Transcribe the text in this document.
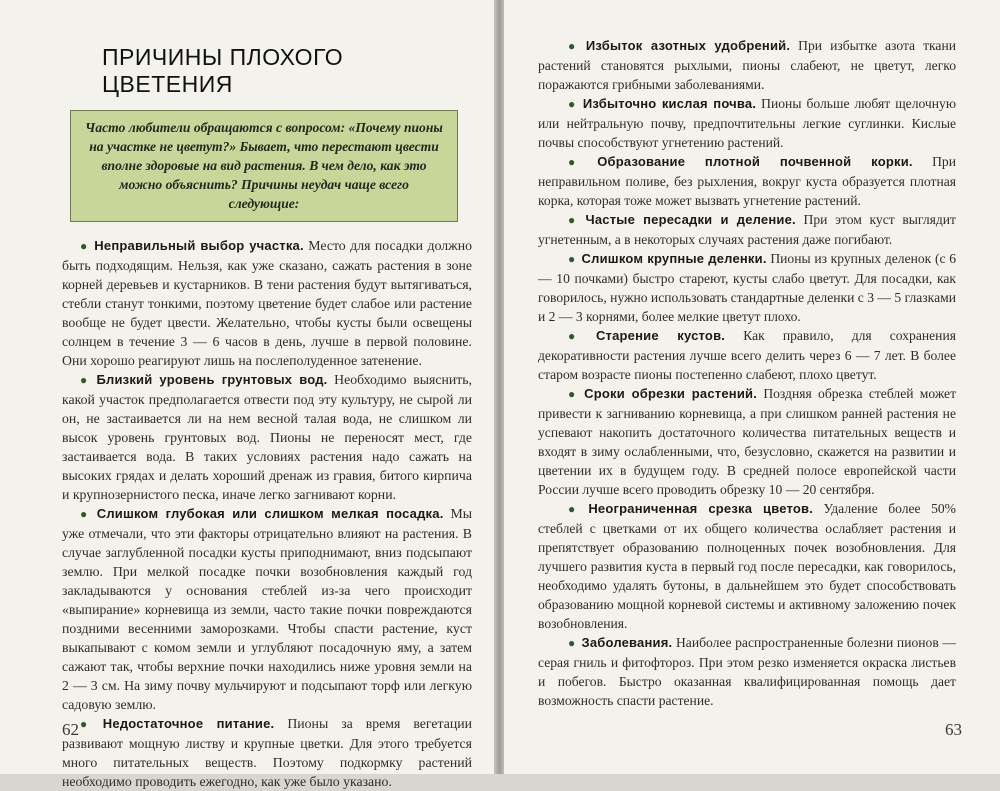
ПРИЧИНЫ ПЛОХОГО ЦВЕТЕНИЯ
Часто любители обращаются с вопросом: «Почему пионы на участке не цветут?» Бывает, что перестают цвести вполне здоровые на вид растения. В чем дело, как это можно объяснить? Причины неудач чаще всего следующие:

● Неправильный выбор участка. Место для посадки должно быть подходящим. Нельзя, как уже сказано, сажать растения в зоне корней деревьев и кустарников. В тени растения будут вытягиваться, стебли станут тонкими, поэтому цветение будет слабое или растение вообще не будет цвести. Желательно, чтобы кусты были освещены солнцем в течение 3 — 6 часов в день, лучше в первой половине. Они хорошо реагируют лишь на послеполуденное затенение.

● Близкий уровень грунтовых вод. Необходимо выяснить, какой участок предполагается отвести под эту культуру, не сырой ли он, не застаивается ли на нем весной талая вода, не слишком ли высок уровень грунтовых вод. Пионы не переносят мест, где застаивается вода. В таких условиях растения надо сажать на высоких грядах и делать хороший дренаж из гравия, битого кирпича и крупнозернистого песка, иначе легко загнивают корни.

● Слишком глубокая или слишком мелкая посадка. Мы уже отмечали, что эти факторы отрицательно влияют на растения. В случае заглубленной посадки кусты приподнимают, вниз подсыпают землю. При мелкой посадке почки возобновления каждый год закладываются у основания стеблей из-за чего происходит «выпирание» корневища из земли, часто такие почки повреждаются поздними весенними заморозками. Чтобы спасти растение, куст выкапывают с комом земли и углубляют посадочную яму, а затем сажают так, чтобы верхние почки находились ниже уровня земли на 2 — 3 см. На зиму почву мульчируют и подсыпают торф или легкую садовую землю.

● Недостаточное питание. Пионы за время вегетации развивают мощную листву и крупные цветки. Для этого требуется много питательных веществ. Поэтому подкормку растений необходимо проводить ежегодно, как уже было указано.

62

● Избыток азотных удобрений. При избытке азота ткани растений становятся рыхлыми, пионы слабеют, не цветут, легко поражаются грибными заболеваниями.

● Избыточно кислая почва. Пионы больше любят щелочную или нейтральную почву, предпочтительны легкие суглинки. Кислые почвы способствуют угнетению растений.

● Образование плотной почвенной корки. При неправильном поливе, без рыхления, вокруг куста образуется плотная корка, которая тоже может вызвать угнетение растений.

● Частые пересадки и деление. При этом куст выглядит угнетенным, а в некоторых случаях растения даже погибают.

● Слишком крупные деленки. Пионы из крупных деленок (с 6 — 10 почками) быстро стареют, кусты слабо цветут. Для посадки, как говорилось, нужно использовать стандартные деленки с 3 — 5 глазками и 2 — 3 корнями, более мелкие цветут плохо.

● Старение кустов. Как правило, для сохранения декоративности растения лучше всего делить через 6 — 7 лет. В более старом возрасте пионы постепенно слабеют, плохо цветут.

● Сроки обрезки растений. Поздняя обрезка стеблей может привести к загниванию корневища, а при слишком ранней растения не успевают накопить достаточного количества питательных веществ и входят в зиму ослабленными, что, безусловно, скажется на развитии и цветении их в будущем году. В средней полосе европейской части России лучше всего проводить обрезку 10 — 20 сентября.

● Неограниченная срезка цветов. Удаление более 50% стеблей с цветками от их общего количества ослабляет растения и препятствует образованию полноценных почек возобновления. Для лучшего развития куста в первый год после пересадки, как говорилось, необходимо удалять бутоны, в дальнейшем это будет способствовать образованию мощной корневой системы и активному заложению почек возобновления.

● Заболевания. Наиболее распространенные болезни пионов — серая гниль и фитофтороз. При этом резко изменяется окраска листьев и побегов. Быстро оказанная квалифицированная помощь дает возможность спасти растение.

63
